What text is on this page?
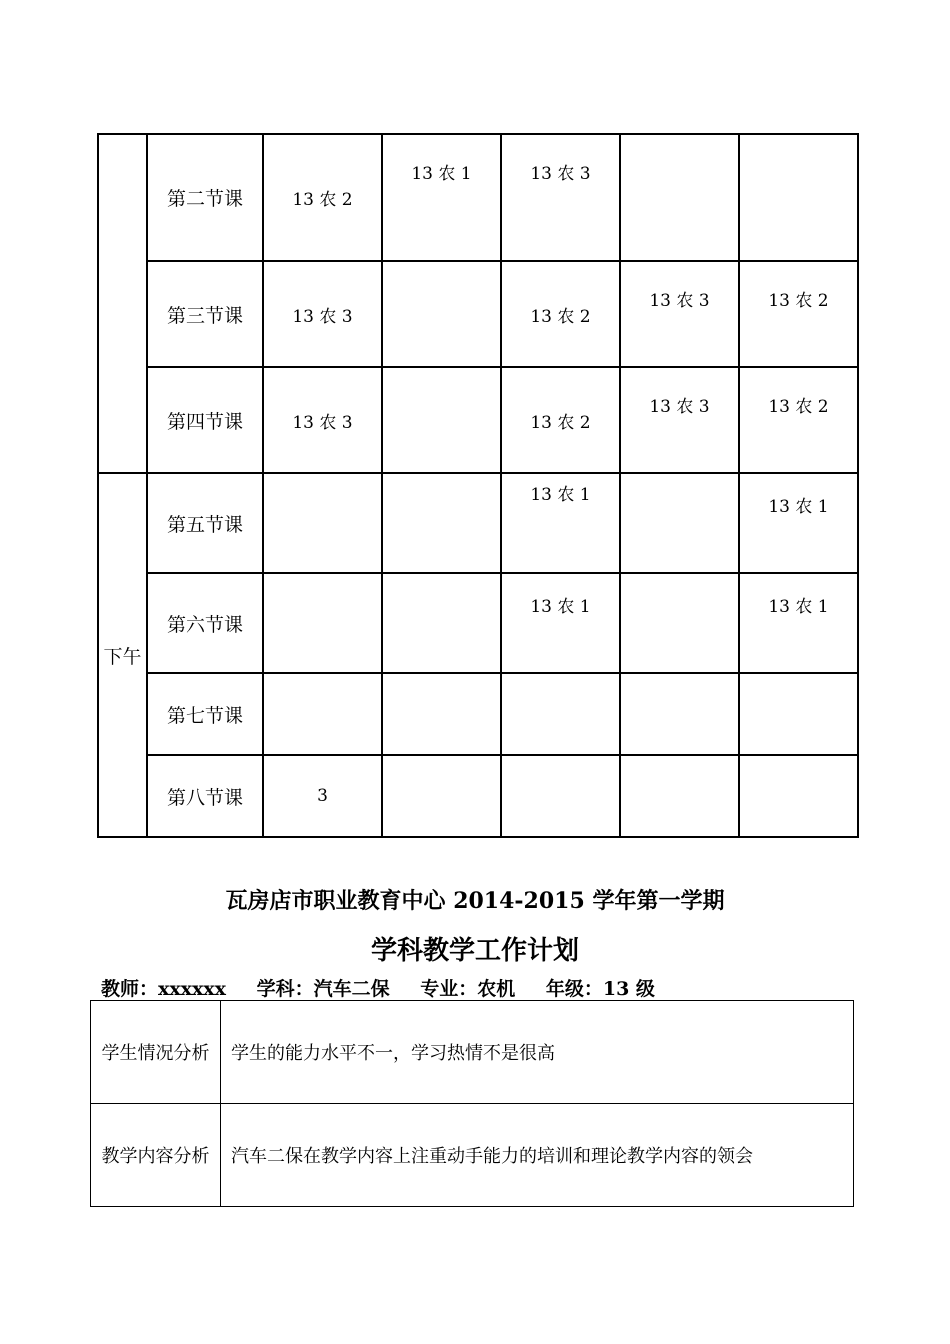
	第二节课	13 农 2	13 农 1	13 农 3		
	第三节课	13 农 3		13 农 2	13 农 3	13 农 2
	第四节课	13 农 3		13 农 2	13 农 3	13 农 2
下午	第五节课			13 农 1		13 农 1
	第六节课			13 农 1		13 农 1
	第七节课					
	第八节课	3				
瓦房店市职业教育中心 2014-2015 学年第一学期
学科教学工作计划
教师：xxxxxx 学科：汽车二保 专业：农机 年级：13 级
学生情况分析	学生的能力水平不一，学习热情不是很高
教学内容分析	汽车二保在教学内容上注重动手能力的培训和理论教学内容的领会
